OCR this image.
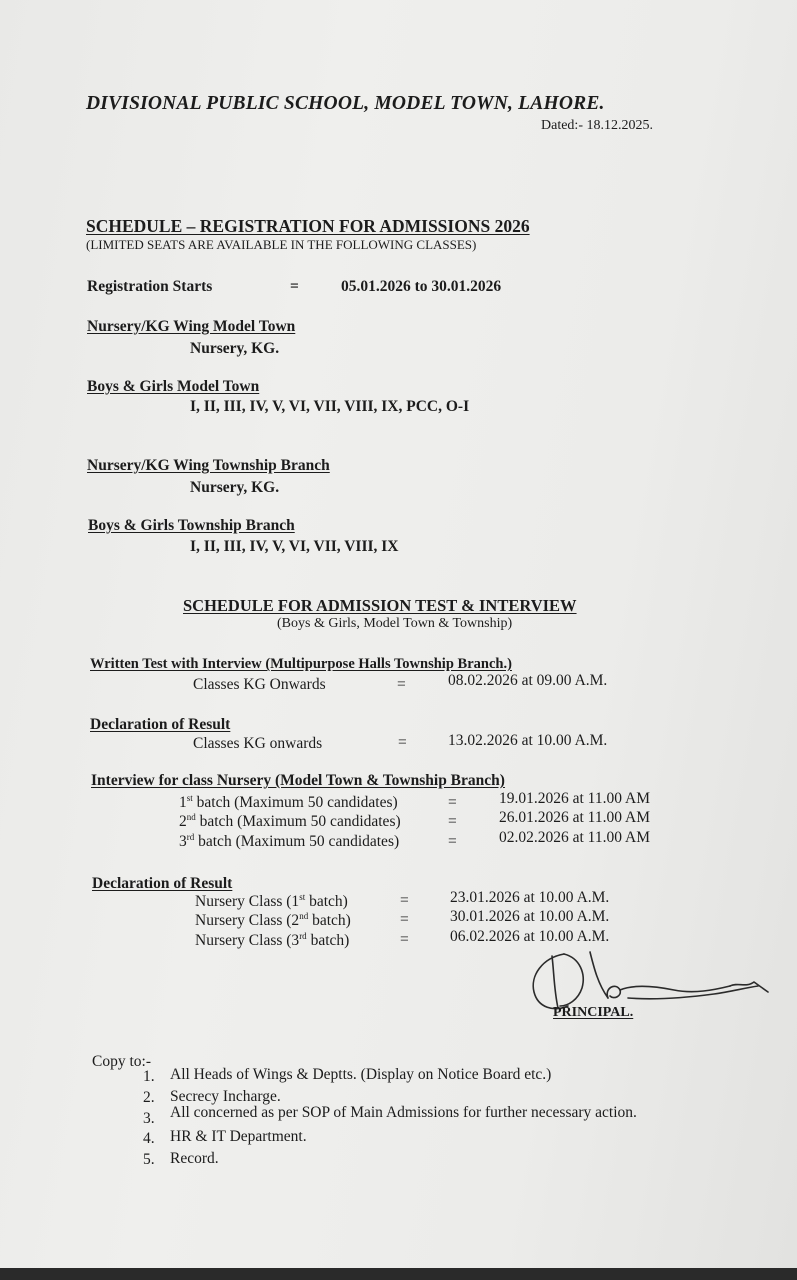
DIVISIONAL PUBLIC SCHOOL, MODEL TOWN, LAHORE.
Dated:- 18.12.2025.
SCHEDULE – REGISTRATION FOR ADMISSIONS 2026
(LIMITED SEATS ARE AVAILABLE IN THE FOLLOWING CLASSES)
Registration Starts	=	05.01.2026 to 30.01.2026
Nursery/KG Wing Model Town
Nursery, KG.
Boys & Girls Model Town
I, II, III, IV, V, VI, VII, VIII, IX, PCC, O-I
Nursery/KG Wing Township Branch
Nursery, KG.
Boys & Girls Township Branch
I, II, III, IV, V, VI, VII, VIII, IX
SCHEDULE FOR ADMISSION TEST & INTERVIEW
(Boys & Girls, Model Town & Township)
Written Test with Interview (Multipurpose Halls Township Branch.)
Classes KG Onwards	=	08.02.2026 at 09.00 A.M.
Declaration of Result
Classes KG onwards	=	13.02.2026 at 10.00 A.M.
Interview for class Nursery (Model Town & Township Branch)
1st batch (Maximum 50 candidates)	=	19.01.2026 at 11.00 AM
2nd batch (Maximum 50 candidates)	=	26.01.2026 at 11.00 AM
3rd batch (Maximum 50 candidates)	=	02.02.2026 at 11.00 AM
Declaration of Result
Nursery Class (1st batch)	=	23.01.2026 at 10.00 A.M.
Nursery Class (2nd batch)	=	30.01.2026 at 10.00 A.M.
Nursery Class (3rd batch)	=	06.02.2026 at 10.00 A.M.
PRINCIPAL.
Copy to:-
1. All Heads of Wings & Deptts. (Display on Notice Board etc.)
2. Secrecy Incharge.
3. All concerned as per SOP of Main Admissions for further necessary action.
4. HR & IT Department.
5. Record.
